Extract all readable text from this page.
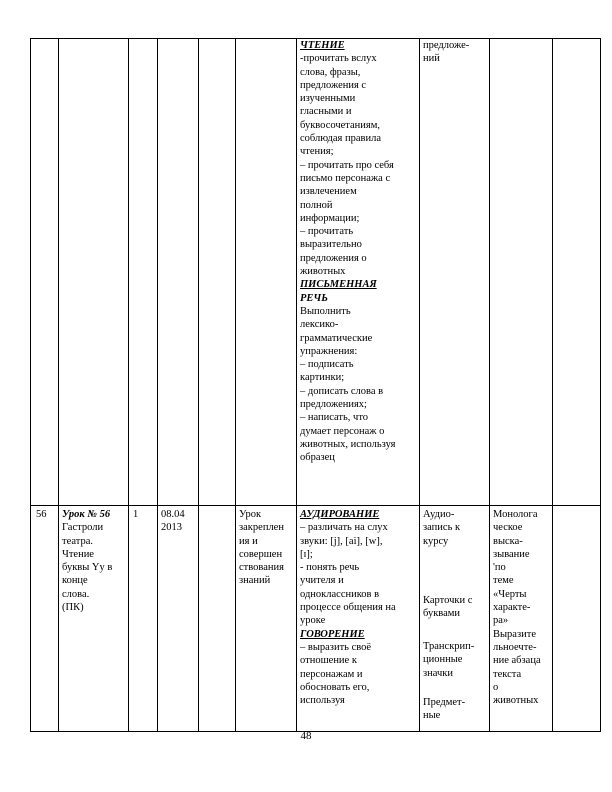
ЧТЕНИЕ
-прочитать вслух
слова, фразы,
предложения с
изученными
гласными и
буквосочетаниям,
соблюдая правила
чтения;
– прочитать про себя
письмо персонажа с
извлечением
полной
информации;
– прочитать
выразительно
предложения о
животных
ПИСЬМЕННАЯ
РЕЧЬ
Выполнить
лексико-
грамматические
упражнения:
– подписать
картинки;
– дописать слова в
предложениях;
– написать, что
думает персонаж о
животных, используя
образец
предложе-
ний
56 Урок № 56
Гастроли
театра.
Чтение
буквы Yy в
конце
слова.
(ПК)
1 08.04
2013
Урок
закреплен
ия и
совершен
ствования
знаний
АУДИРОВАНИЕ
– различать на слух
звуки: [j], [ai], [w],
[ɪ];
- понять речь
учителя и
одноклассников в
процессе общения на
уроке
ГОВОРЕНИЕ
– выразить своё
отношение к
персонажам и
обосновать его,
используя
Аудио-
запись к
курсу
Карточки с
буквами
Транскрип-
ционные
значки
Предмет-
ные
Монолога
ческое
выска-
зывание
'по
теме
«Черты
характе-
ра»
Выразите
льноечте-
ние абзаца
текста
о
животных
48
